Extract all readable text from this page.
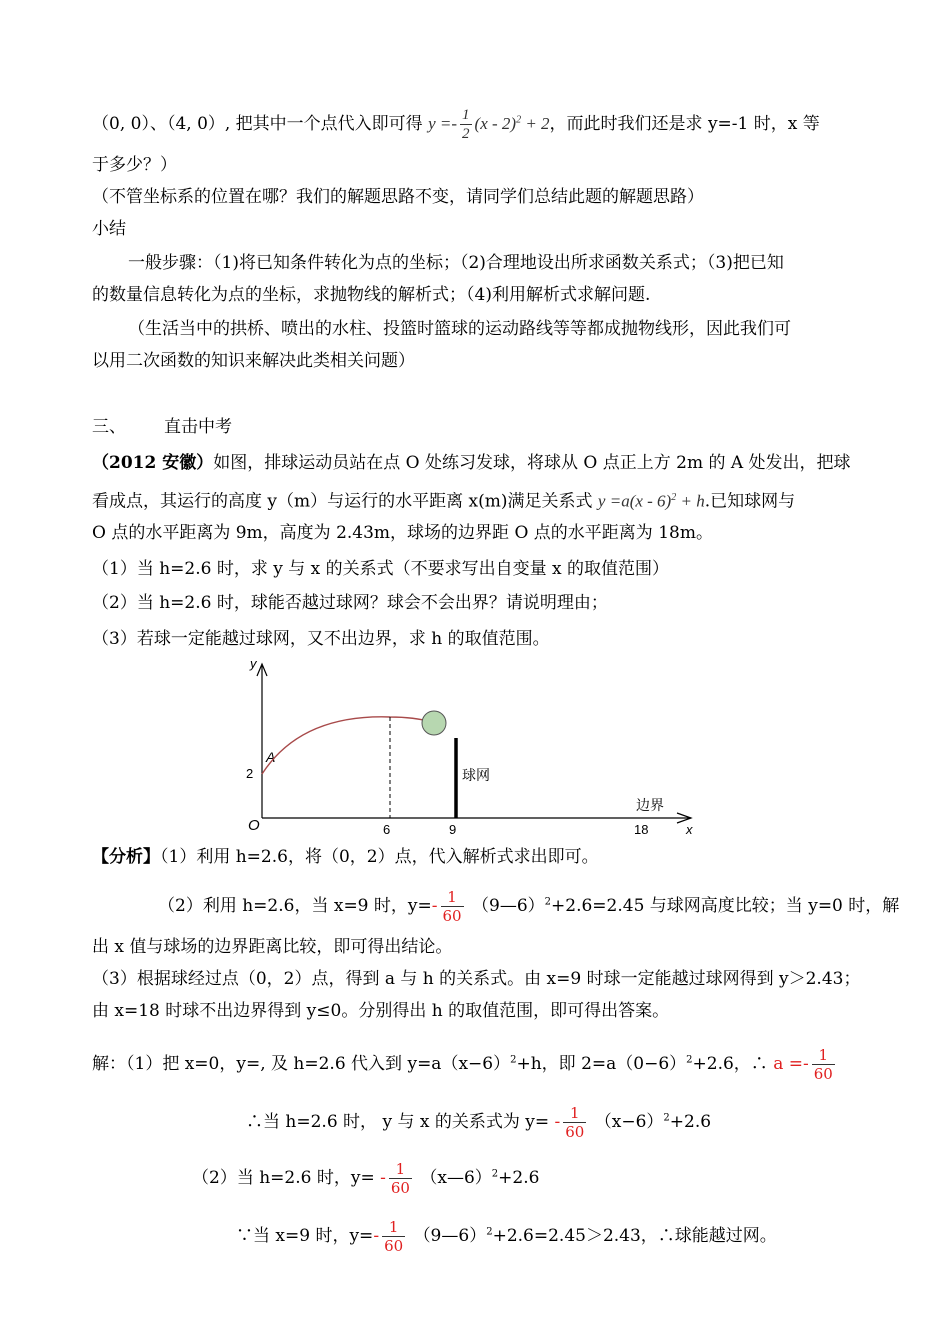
（0, 0）、（4, 0）, 把其中一个点代入即可得 $y =- \frac{1}{2} (x - 2)^2 + 2$，而此时我们还是求 y=-1 时，x 等
于多少？）
（不管坐标系的位置在哪？我们的解题思路不变，请同学们总结此题的解题思路）
小结
一般步骤：（1)将已知条件转化为点的坐标；（2)合理地设出所求函数关系式；（3)把已知
的数量信息转化为点的坐标，求抛物线的解析式；（4)利用解析式求解问题.
（生活当中的拱桥、喷出的水柱、投篮时篮球的运动路线等等都成抛物线形，因此我们可
以用二次函数的知识来解决此类相关问题）
三、 直击中考
（2012 安徽）如图，排球运动员站在点 O 处练习发球，将球从 O 点正上方 2m 的 A 处发出，把球
看成点，其运行的高度 y（m）与运行的水平距离 x(m)满足关系式 y =a(x - 6)$^2$ + h.已知球网与
O 点的水平距离为 9m，高度为 2.43m，球场的边界距 O 点的水平距离为 18m。
（1）当 h=2.6 时，求 y 与 x 的关系式（不要求写出自变量 x 的取值范围）
（2）当 h=2.6 时，球能否越过球网？球会不会出界？请说明理由；
（3）若球一定能越过球网，又不出边界，求 h 的取值范围。
y
x
O
A
2	球网
边界
6	9	18
【分析】（1）利用 h=2.6，将（0，2）点，代入解析式求出即可。
（2）利用 h=2.6，当 x=9 时，$y=- \frac{1}{60}$ （9—6）$^2$+2.6=2.45 与球网高度比较；当 y=0 时，解
出 x 值与球场的边界距离比较，即可得出结论。
（3）根据球经过点（0，2）点，得到 a 与 h 的关系式。由 x=9 时球一定能越过球网得到 y＞2.43；
由 x=18 时球不出边界得到 y≤0。分别得出 h 的取值范围，即可得出答案。
解：（1）把 x=0，y=, 及 h=2.6 代入到 $y=a(x-6)^2+h$，即 $2=a(0-6)^2+2.6$，∴ $a =- \frac{1}{60}$
∴当 h=2.6 时， y 与 x 的关系式为 $y= - \frac{1}{60} (x-6)^2+2.6$
（2）当 h=2.6 时，$y= - \frac{1}{60}$ （x—6）$^2$+2.6
∵当 x=9 时，$y=- \frac{1}{60}$ （9—6）$^2$+2.6=2.45＞2.43，∴球能越过网。
